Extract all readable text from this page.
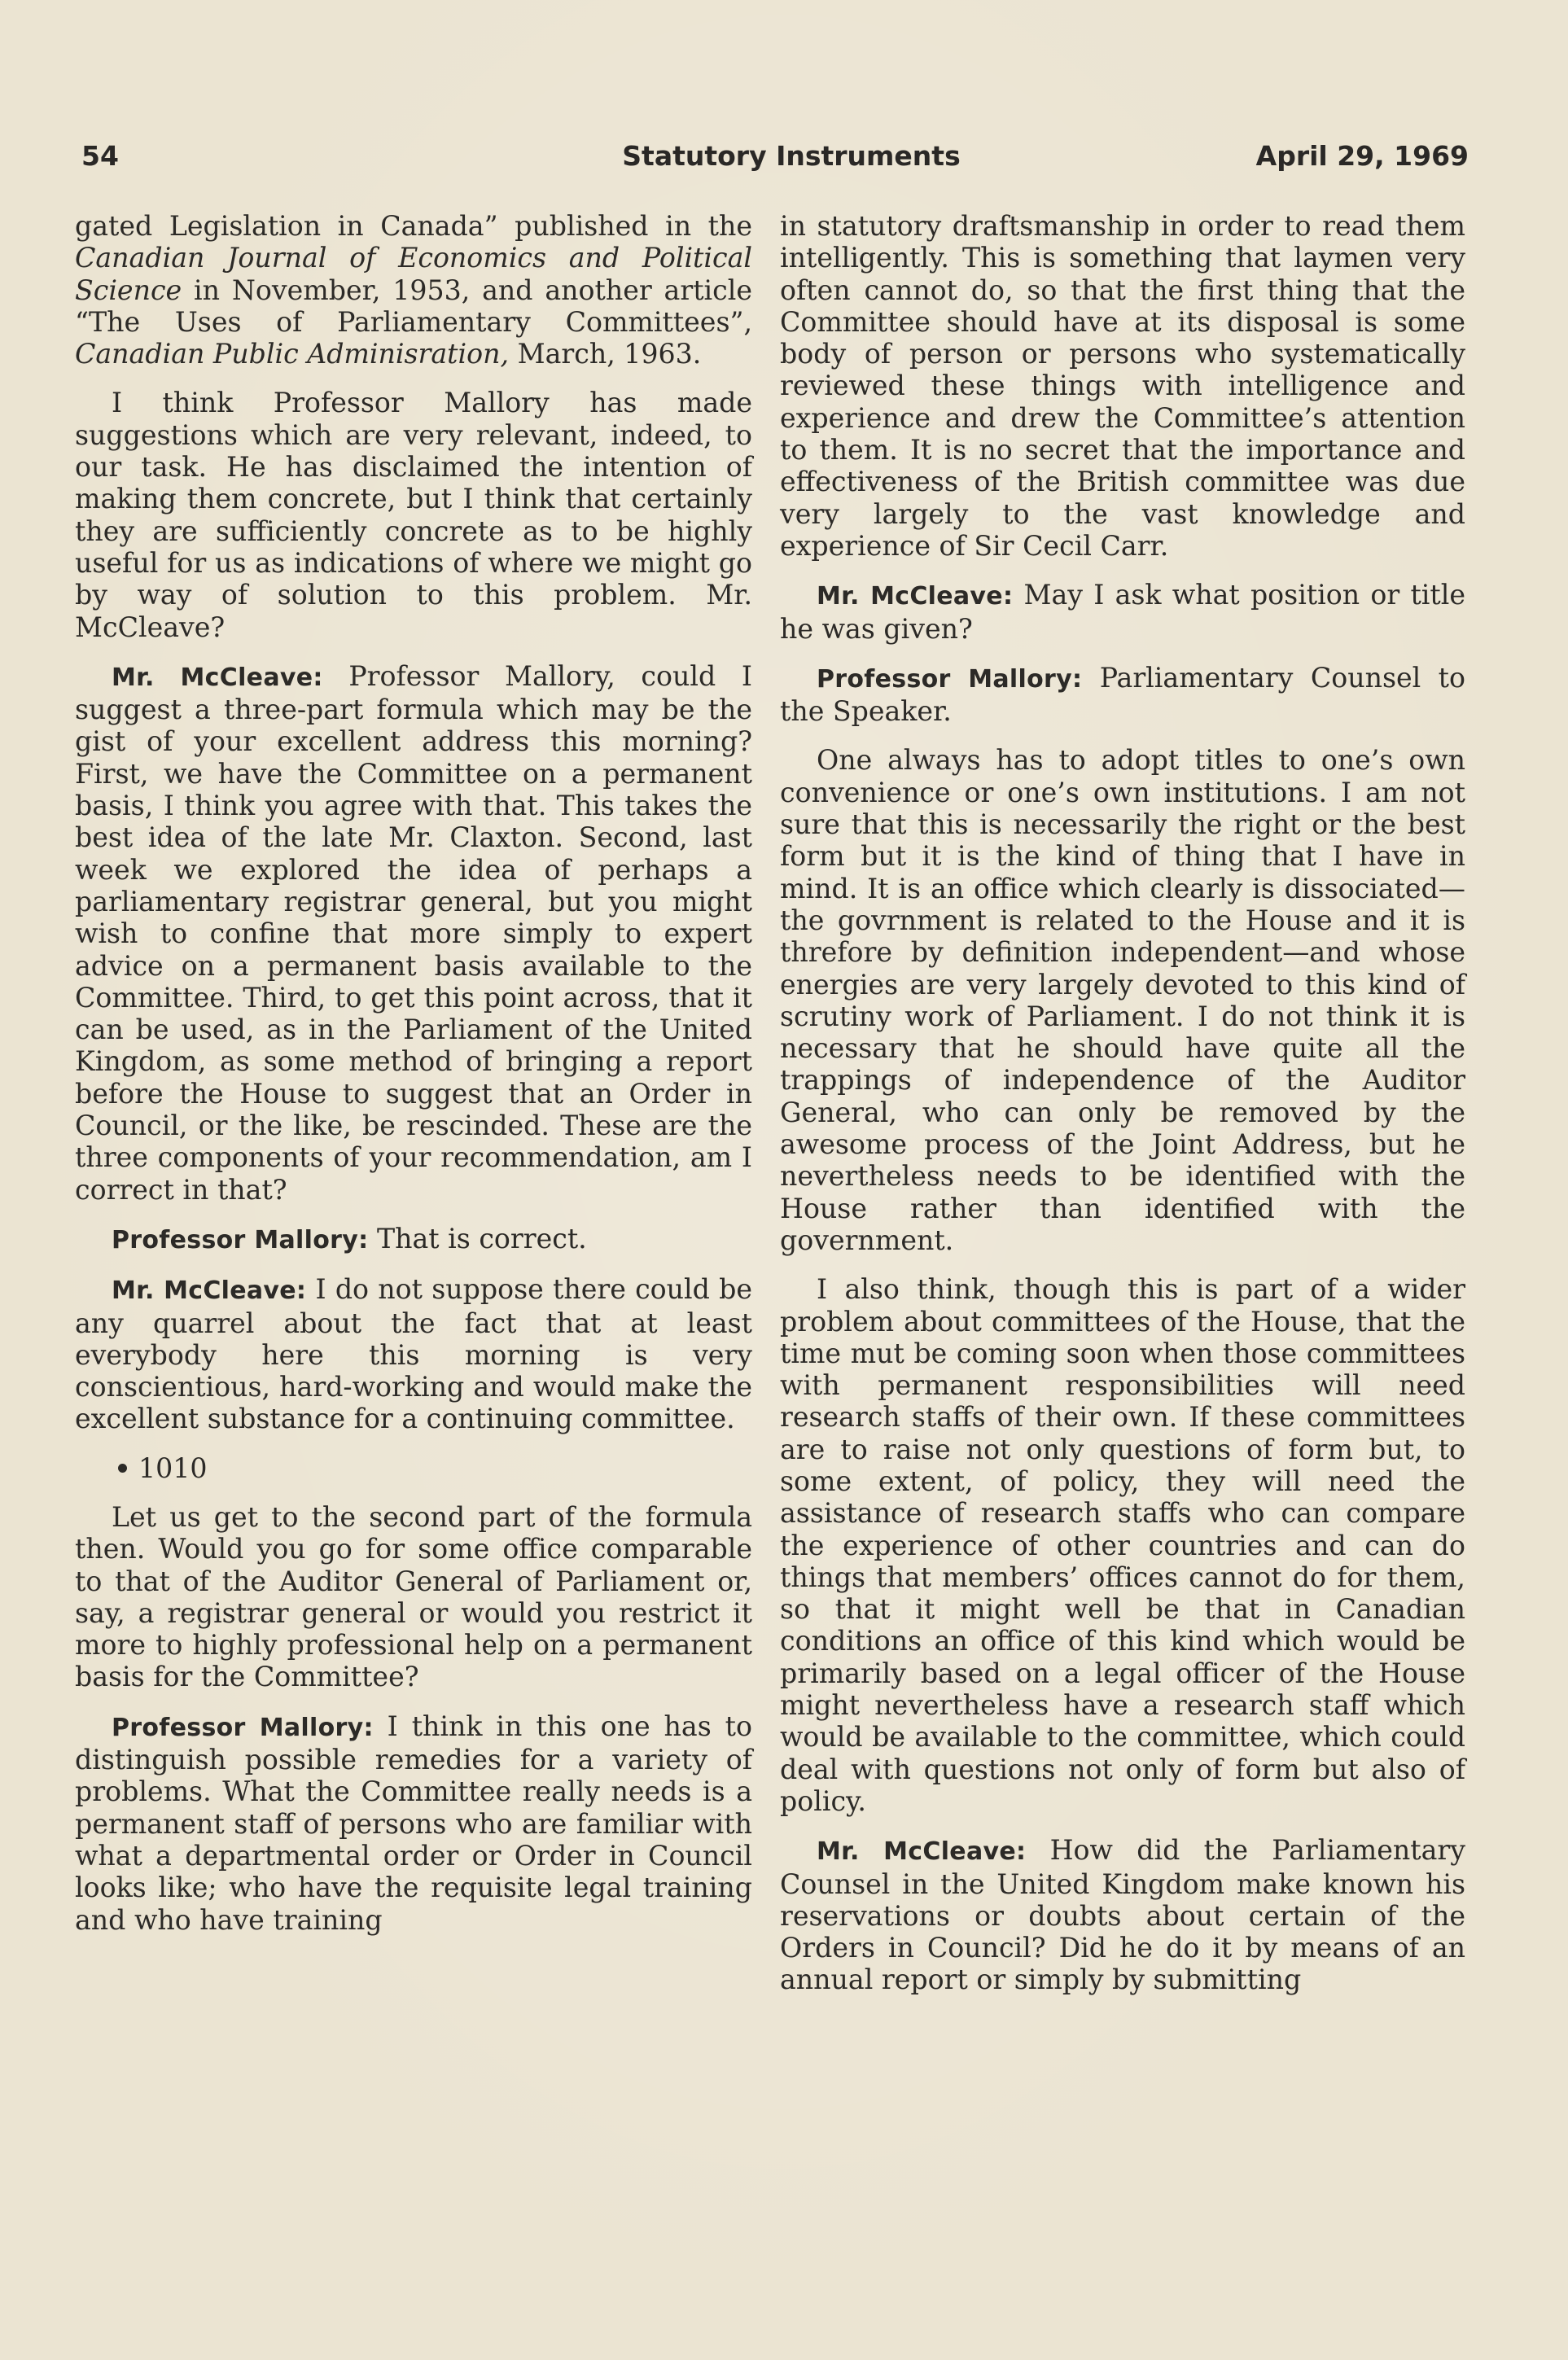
54	Statutory Instruments	April 29, 1969

gated Legislation in Canada” published in the Canadian Journal of Economics and Political Science in November, 1953, and another article “The Uses of Parliamentary Committees”, Canadian Public Adminisration, March, 1963.

I think Professor Mallory has made suggestions which are very relevant, indeed, to our task. He has disclaimed the intention of making them concrete, but I think that certainly they are sufficiently concrete as to be highly useful for us as indications of where we might go by way of solution to this problem. Mr. McCleave?

Mr. McCleave: Professor Mallory, could I suggest a three-part formula which may be the gist of your excellent address this morning? First, we have the Committee on a permanent basis, I think you agree with that. This takes the best idea of the late Mr. Claxton. Second, last week we explored the idea of perhaps a parliamentary registrar general, but you might wish to confine that more simply to expert advice on a permanent basis available to the Committee. Third, to get this point across, that it can be used, as in the Parliament of the United Kingdom, as some method of bringing a report before the House to suggest that an Order in Council, or the like, be rescinded. These are the three components of your recommendation, am I correct in that?

Professor Mallory: That is correct.

Mr. McCleave: I do not suppose there could be any quarrel about the fact that at least everybody here this morning is very conscientious, hard-working and would make the excellent substance for a continuing committee.

1010

Let us get to the second part of the formula then. Would you go for some office comparable to that of the Auditor General of Parliament or, say, a registrar general or would you restrict it more to highly professional help on a permanent basis for the Committee?

Professor Mallory: I think in this one has to distinguish possible remedies for a variety of problems. What the Committee really needs is a permanent staff of persons who are familiar with what a departmental order or Order in Council looks like; who have the requisite legal training and who have training

in statutory draftsmanship in order to read them intelligently. This is something that laymen very often cannot do, so that the first thing that the Committee should have at its disposal is some body of person or persons who systematically reviewed these things with intelligence and experience and drew the Committee’s attention to them. It is no secret that the importance and effectiveness of the British committee was due very largely to the vast knowledge and experience of Sir Cecil Carr.

Mr. McCleave: May I ask what position or title he was given?

Professor Mallory: Parliamentary Counsel to the Speaker.

One always has to adopt titles to one’s own convenience or one’s own institutions. I am not sure that this is necessarily the right or the best form but it is the kind of thing that I have in mind. It is an office which clearly is dissociated—the govrnment is related to the House and it is threfore by definition independent—and whose energies are very largely devoted to this kind of scrutiny work of Parliament. I do not think it is necessary that he should have quite all the trappings of independence of the Auditor General, who can only be removed by the awesome process of the Joint Address, but he nevertheless needs to be identified with the House rather than identified with the government.

I also think, though this is part of a wider problem about committees of the House, that the time mut be coming soon when those committees with permanent responsibilities will need research staffs of their own. If these committees are to raise not only questions of form but, to some extent, of policy, they will need the assistance of research staffs who can compare the experience of other countries and can do things that members’ offices cannot do for them, so that it might well be that in Canadian conditions an office of this kind which would be primarily based on a legal officer of the House might nevertheless have a research staff which would be available to the committee, which could deal with questions not only of form but also of policy.

Mr. McCleave: How did the Parliamentary Counsel in the United Kingdom make known his reservations or doubts about certain of the Orders in Council? Did he do it by means of an annual report or simply by submitting
